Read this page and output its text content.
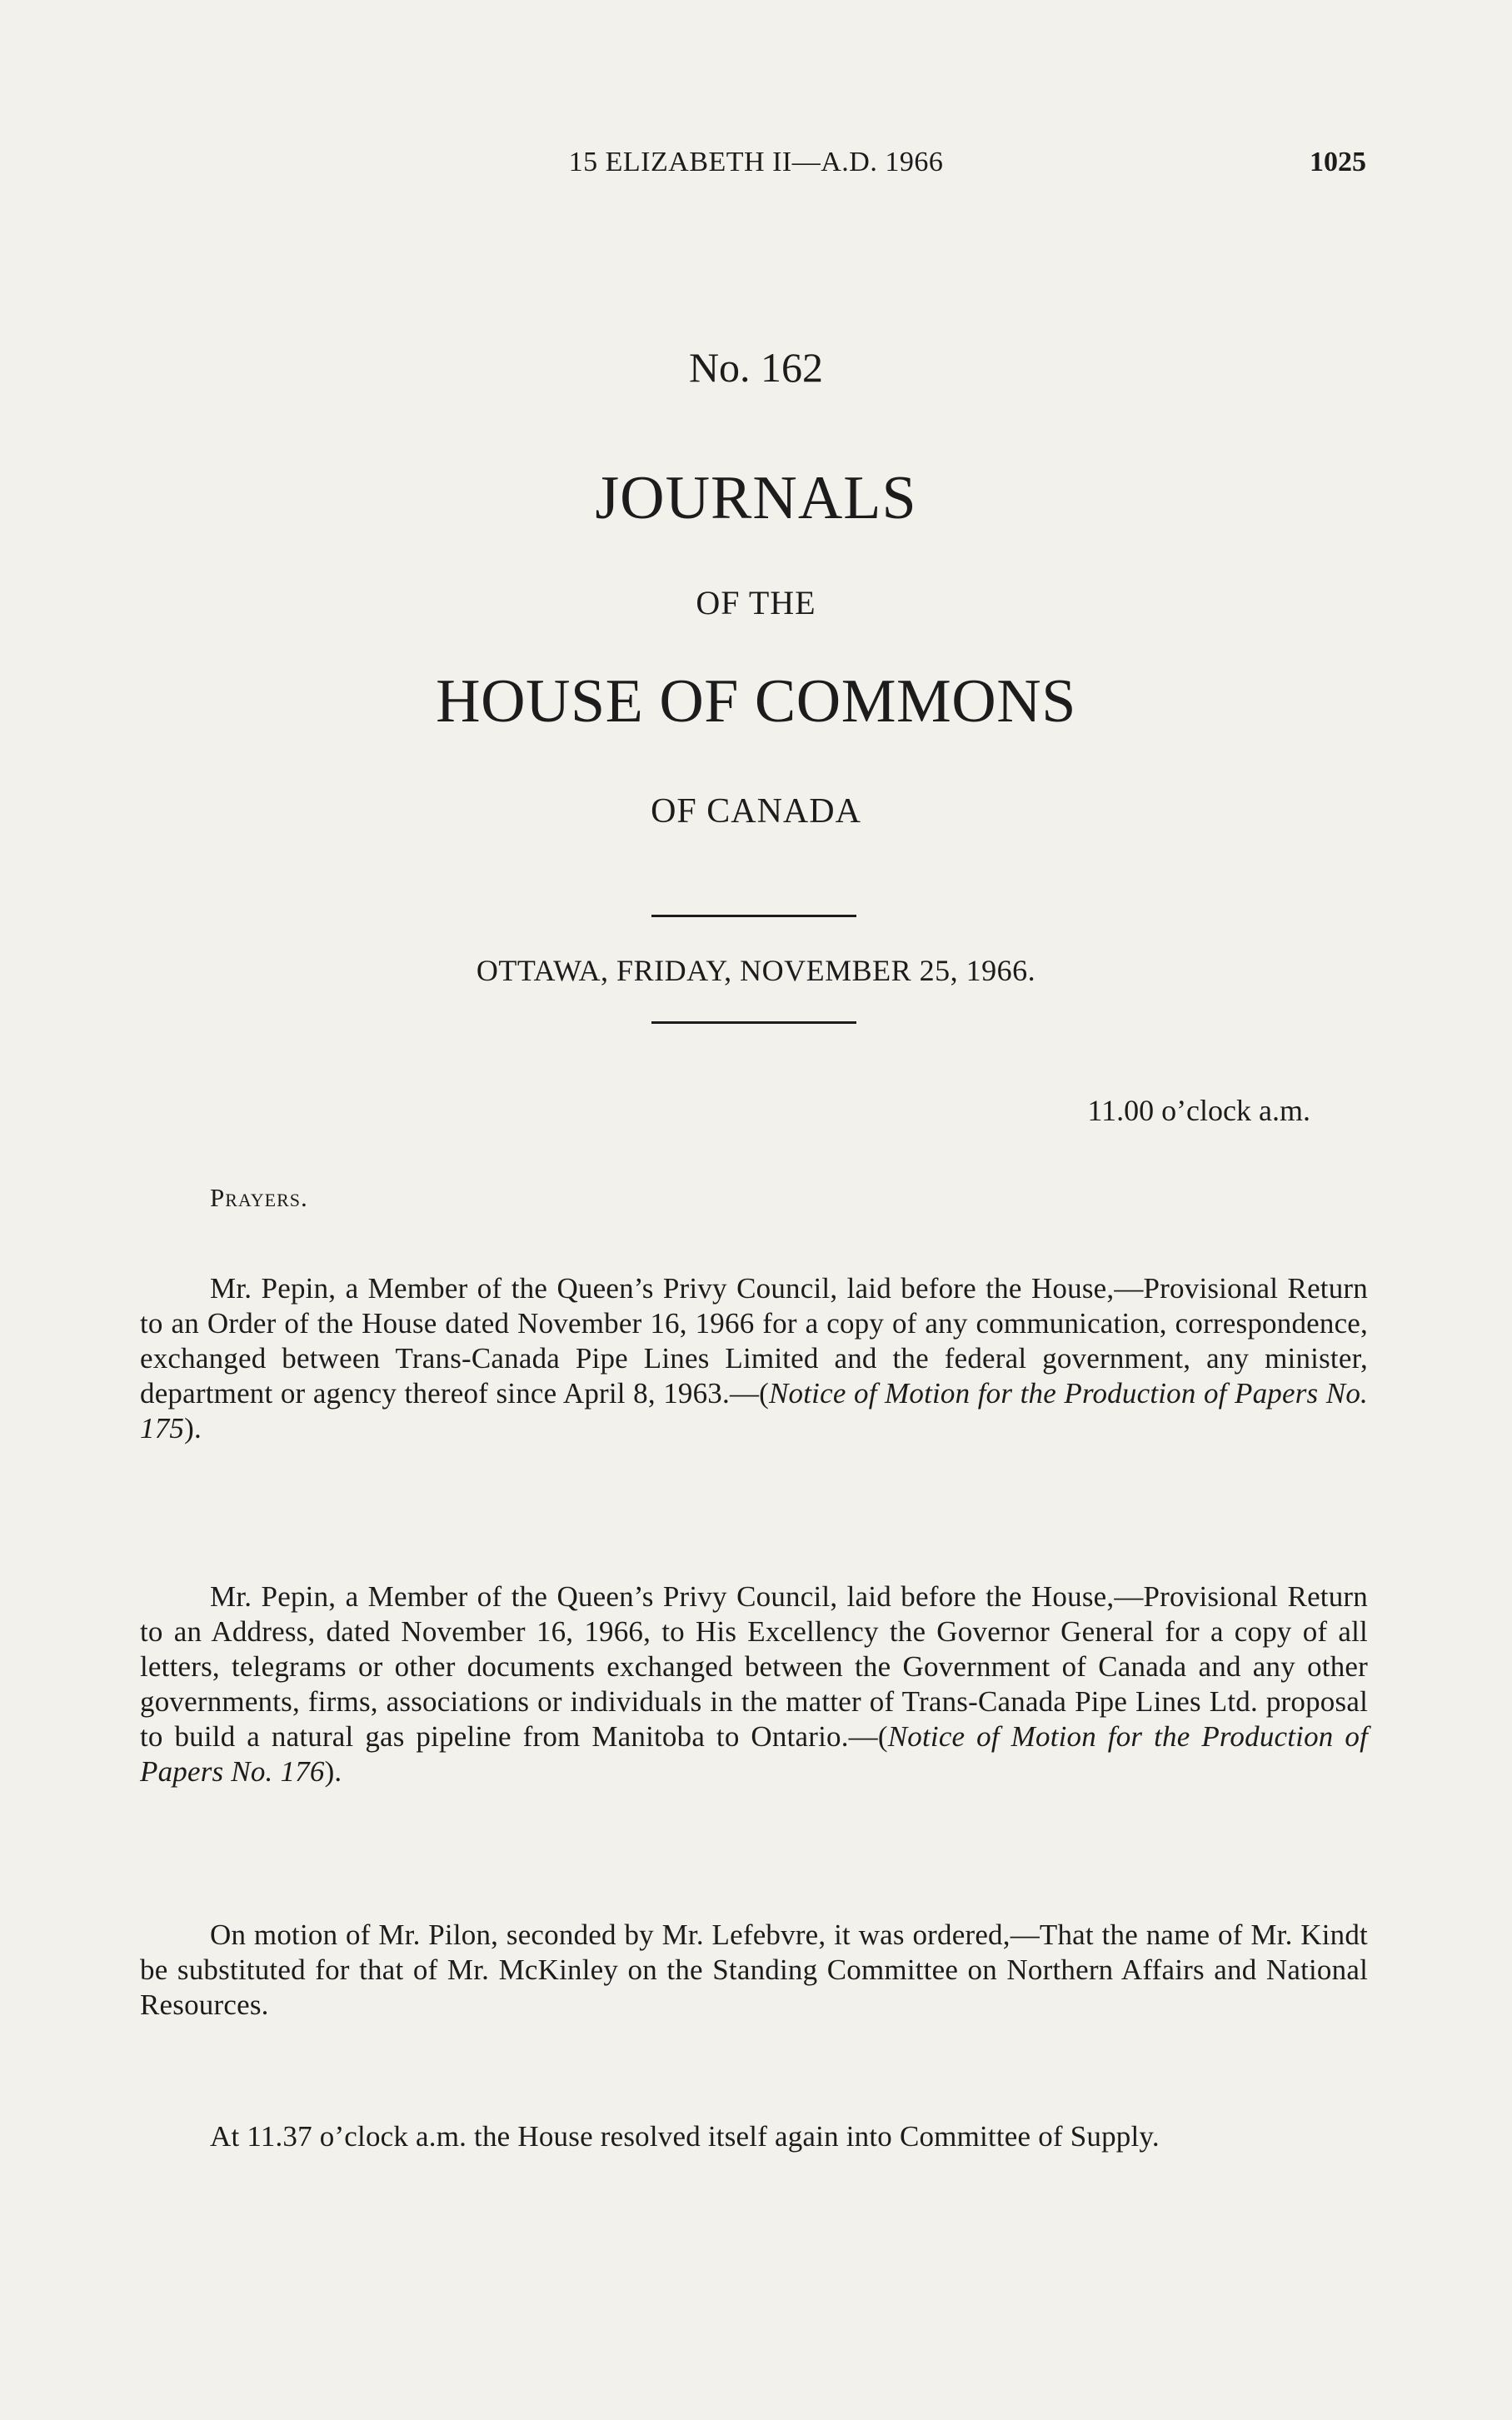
15 ELIZABETH II—A.D. 1966	1025
No. 162
JOURNALS
OF THE
HOUSE OF COMMONS
OF CANADA
OTTAWA, FRIDAY, NOVEMBER 25, 1966.
11.00 o’clock a.m.
Prayers.
Mr. Pepin, a Member of the Queen’s Privy Council, laid before the House,—Provisional Return to an Order of the House dated November 16, 1966 for a copy of any communication, correspondence, exchanged between Trans-Canada Pipe Lines Limited and the federal government, any minister, department or agency thereof since April 8, 1963.—(Notice of Motion for the Production of Papers No. 175).
Mr. Pepin, a Member of the Queen’s Privy Council, laid before the House,—Provisional Return to an Address, dated November 16, 1966, to His Excellency the Governor General for a copy of all letters, telegrams or other documents exchanged between the Government of Canada and any other governments, firms, associations or individuals in the matter of Trans-Canada Pipe Lines Ltd. proposal to build a natural gas pipeline from Manitoba to Ontario.—(Notice of Motion for the Production of Papers No. 176).
On motion of Mr. Pilon, seconded by Mr. Lefebvre, it was ordered,—That the name of Mr. Kindt be substituted for that of Mr. McKinley on the Standing Committee on Northern Affairs and National Resources.
At 11.37 o’clock a.m. the House resolved itself again into Committee of Supply.
